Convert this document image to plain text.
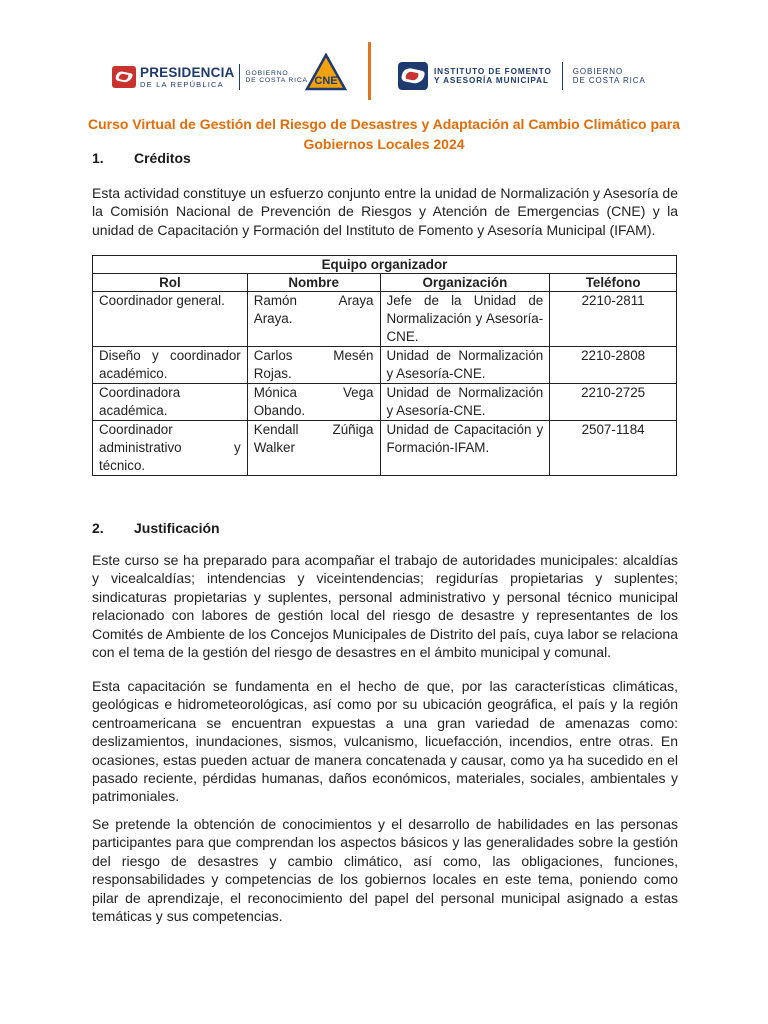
PRESIDENCIA
DE LA REPÚBLICA
GOBIERNO
DE COSTA RICA CNE
INSTITUTO DE FOMENTO
Y ASESORÍA MUNICIPAL
GOBIERNO
DE COSTA RICA
Curso Virtual de Gestión del Riesgo de Desastres y Adaptación al Cambio Climático para
Gobiernos Locales 2024
1.	Créditos
Esta actividad constituye un esfuerzo conjunto entre la unidad de Normalización y Asesoría de la Comisión Nacional de Prevención de Riesgos y Atención de Emergencias (CNE) y la unidad de Capacitación y Formación del Instituto de Fomento y Asesoría Municipal (IFAM).
Equipo organizador			
Rol	Nombre	Organización	Teléfono
Coordinador general.	Ramón Araya Araya.	Jefe de la Unidad de Normalización y Asesoría-CNE.	2210-2811
Diseño y coordinador académico.	Carlos Mesén Rojas.	Unidad de Normalización y Asesoría-CNE.	2210-2808
Coordinadora académica.	Mónica Vega Obando.	Unidad de Normalización y Asesoría-CNE.	2210-2725
Coordinador administrativo y técnico.	Kendall Zúñiga Walker	Unidad de Capacitación y Formación-IFAM.	2507-1184
2.	Justificación
Este curso se ha preparado para acompañar el trabajo de autoridades municipales: alcaldías y vicealcaldías; intendencias y viceintendencias; regidurías propietarias y suplentes; sindicaturas propietarias y suplentes, personal administrativo y personal técnico municipal relacionado con labores de gestión local del riesgo de desastre y representantes de los Comités de Ambiente de los Concejos Municipales de Distrito del país, cuya labor se relaciona con el tema de la gestión del riesgo de desastres en el ámbito municipal y comunal.
Esta capacitación se fundamenta en el hecho de que, por las características climáticas, geológicas e hidrometeorológicas, así como por su ubicación geográfica, el país y la región centroamericana se encuentran expuestas a una gran variedad de amenazas como: deslizamientos, inundaciones, sismos, vulcanismo, licuefacción, incendios, entre otras. En ocasiones, estas pueden actuar de manera concatenada y causar, como ya ha sucedido en el pasado reciente, pérdidas humanas, daños económicos, materiales, sociales, ambientales y patrimoniales.
Se pretende la obtención de conocimientos y el desarrollo de habilidades en las personas participantes para que comprendan los aspectos básicos y las generalidades sobre la gestión del riesgo de desastres y cambio climático, así como, las obligaciones, funciones, responsabilidades y competencias de los gobiernos locales en este tema, poniendo como pilar de aprendizaje, el reconocimiento del papel del personal municipal asignado a estas temáticas y sus competencias.
